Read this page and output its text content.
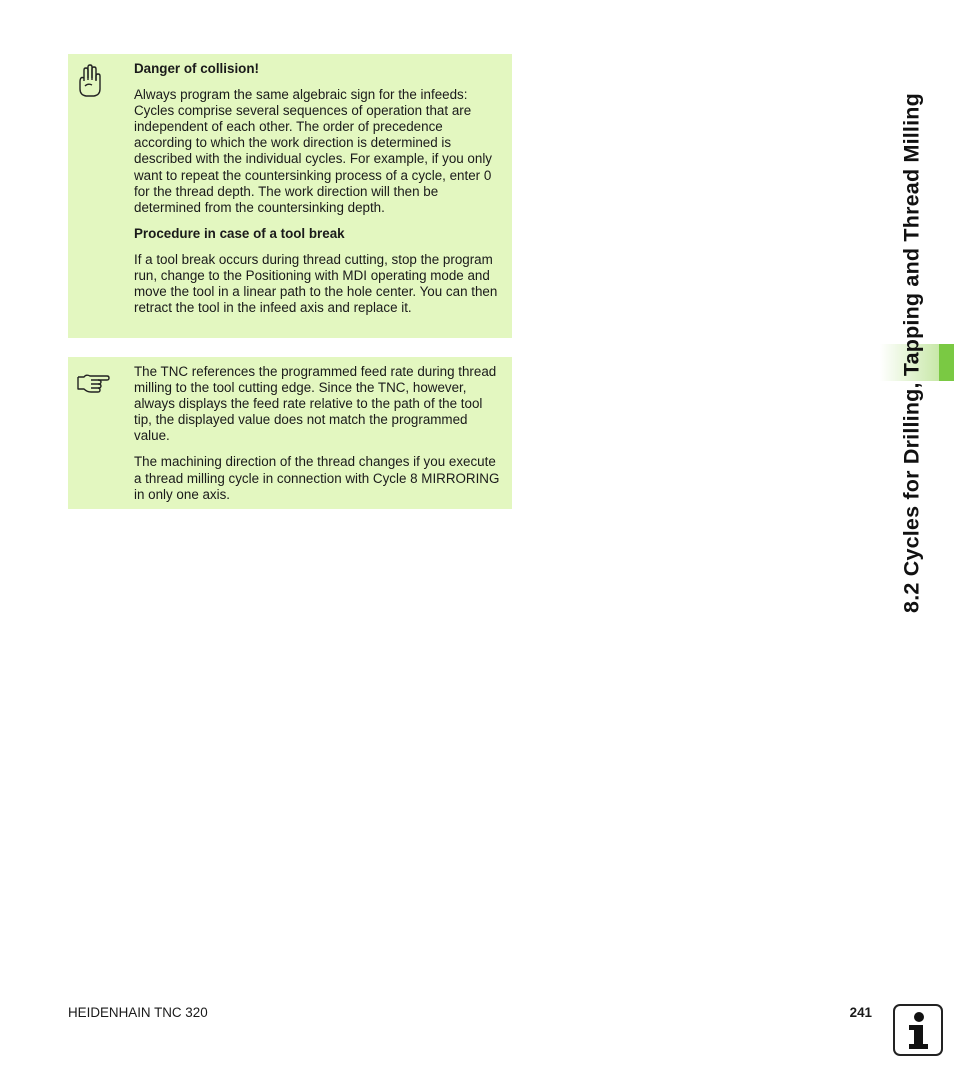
Danger of collision!

Always program the same algebraic sign for the infeeds: Cycles comprise several sequences of operation that are independent of each other. The order of precedence according to which the work direction is determined is described with the individual cycles. For example, if you only want to repeat the countersinking process of a cycle, enter 0 for the thread depth. The work direction will then be determined from the countersinking depth.

Procedure in case of a tool break

If a tool break occurs during thread cutting, stop the program run, change to the Positioning with MDI operating mode and move the tool in a linear path to the hole center. You can then retract the tool in the infeed axis and replace it.

The TNC references the programmed feed rate during thread milling to the tool cutting edge. Since the TNC, however, always displays the feed rate relative to the path of the tool tip, the displayed value does not match the programmed value.

The machining direction of the thread changes if you execute a thread milling cycle in connection with Cycle 8 MIRRORING in only one axis.	8.2 Cycles for Drilling, Tapping and Thread Milling
HEIDENHAIN TNC 320	241
